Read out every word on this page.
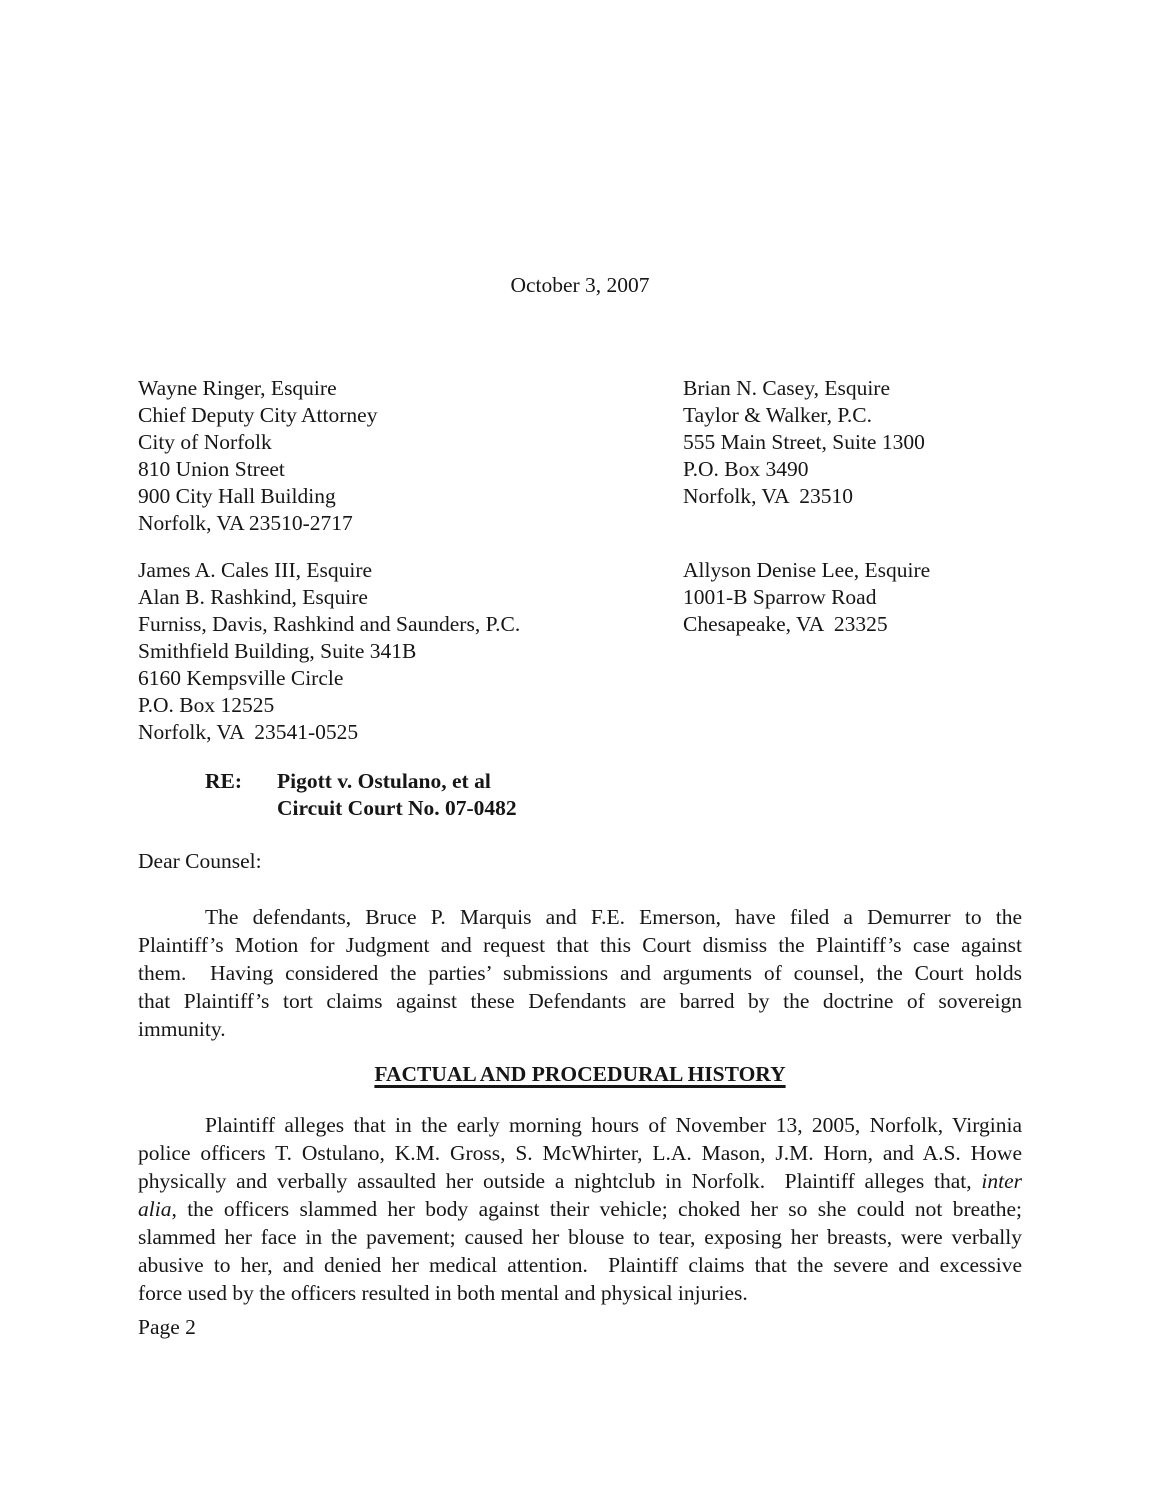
October 3, 2007
Wayne Ringer, Esquire
Chief Deputy City Attorney
City of Norfolk
810 Union Street
900 City Hall Building
Norfolk, VA 23510-2717
Brian N. Casey, Esquire
Taylor & Walker, P.C.
555 Main Street, Suite 1300
P.O. Box 3490
Norfolk, VA  23510
James A. Cales III, Esquire
Alan B. Rashkind, Esquire
Furniss, Davis, Rashkind and Saunders, P.C.
Smithfield Building, Suite 341B
6160 Kempsville Circle
P.O. Box 12525
Norfolk, VA  23541-0525
Allyson Denise Lee, Esquire
1001-B Sparrow Road
Chesapeake, VA  23325
RE:	Pigott v. Ostulano, et al
Circuit Court No. 07-0482
Dear Counsel:
The defendants, Bruce P. Marquis and F.E. Emerson, have filed a Demurrer to the
Plaintiff’s Motion for Judgment and request that this Court dismiss the Plaintiff’s case against
them.  Having considered the parties’ submissions and arguments of counsel, the Court holds
that Plaintiff’s tort claims against these Defendants are barred by the doctrine of sovereign
immunity.
FACTUAL AND PROCEDURAL HISTORY
Plaintiff alleges that in the early morning hours of November 13, 2005, Norfolk, Virginia
police officers T. Ostulano, K.M. Gross, S. McWhirter, L.A. Mason, J.M. Horn, and A.S. Howe
physically and verbally assaulted her outside a nightclub in Norfolk.  Plaintiff alleges that, inter
alia, the officers slammed her body against their vehicle; choked her so she could not breathe;
slammed her face in the pavement; caused her blouse to tear, exposing her breasts, were verbally
abusive to her, and denied her medical attention.  Plaintiff claims that the severe and excessive
force used by the officers resulted in both mental and physical injuries.
Page 2
